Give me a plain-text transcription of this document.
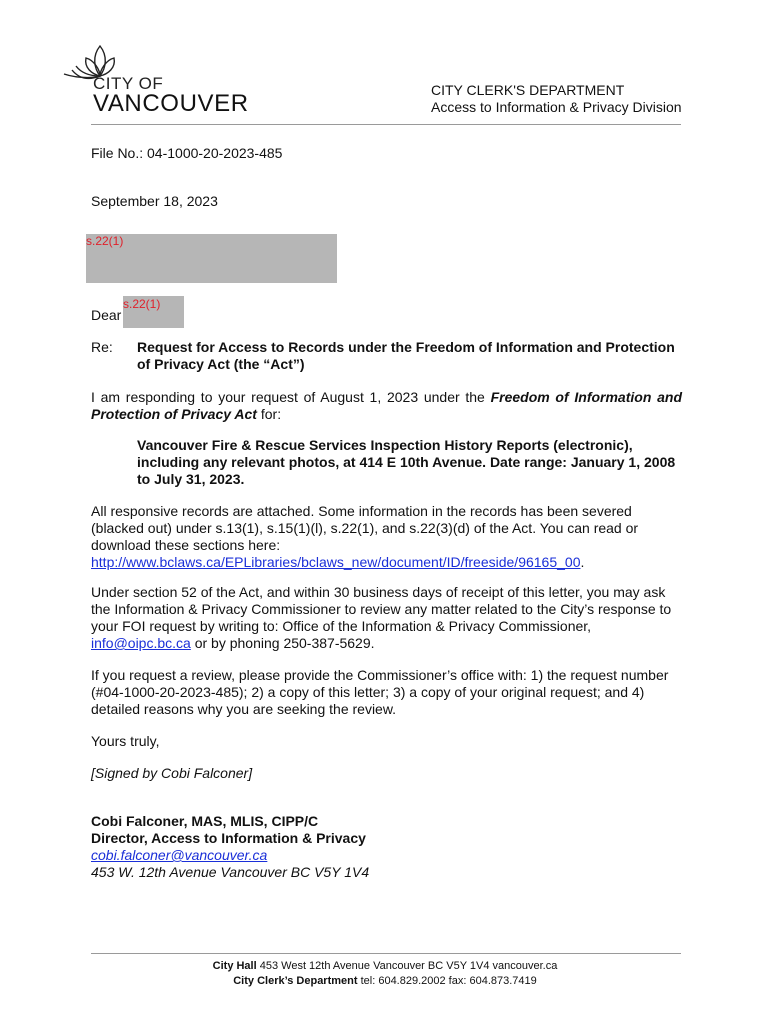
CITY OF
VANCOUVER	CITY CLERK'S DEPARTMENT
Access to Information & Privacy Division
File No.: 04-1000-20-2023-485
September 18, 2023
s.22(1)
Dear
s.22(1)
Re: Request for Access to Records under the Freedom of Information and Protection of Privacy Act (the “Act”)
I am responding to your request of August 1, 2023 under the Freedom of Information and Protection of Privacy Act for:
Vancouver Fire & Rescue Services Inspection History Reports (electronic), including any relevant photos, at 414 E 10th Avenue. Date range: January 1, 2008 to July 31, 2023.
All responsive records are attached. Some information in the records has been severed (blacked out) under s.13(1), s.15(1)(l), s.22(1), and s.22(3)(d) of the Act. You can read or download these sections here:
http://www.bclaws.ca/EPLibraries/bclaws_new/document/ID/freeside/96165_00.
Under section 52 of the Act, and within 30 business days of receipt of this letter, you may ask the Information & Privacy Commissioner to review any matter related to the City’s response to your FOI request by writing to: Office of the Information & Privacy Commissioner,
info@oipc.bc.ca or by phoning 250-387-5629.
If you request a review, please provide the Commissioner’s office with: 1) the request number (#04-1000-20-2023-485); 2) a copy of this letter; 3) a copy of your original request; and 4) detailed reasons why you are seeking the review.
Yours truly,
[Signed by Cobi Falconer]
Cobi Falconer, MAS, MLIS, CIPP/C
Director, Access to Information & Privacy
cobi.falconer@vancouver.ca
453 W. 12th Avenue Vancouver BC V5Y 1V4
City Hall 453 West 12th Avenue Vancouver BC V5Y 1V4 vancouver.ca
City Clerk’s Department tel: 604.829.2002 fax: 604.873.7419
